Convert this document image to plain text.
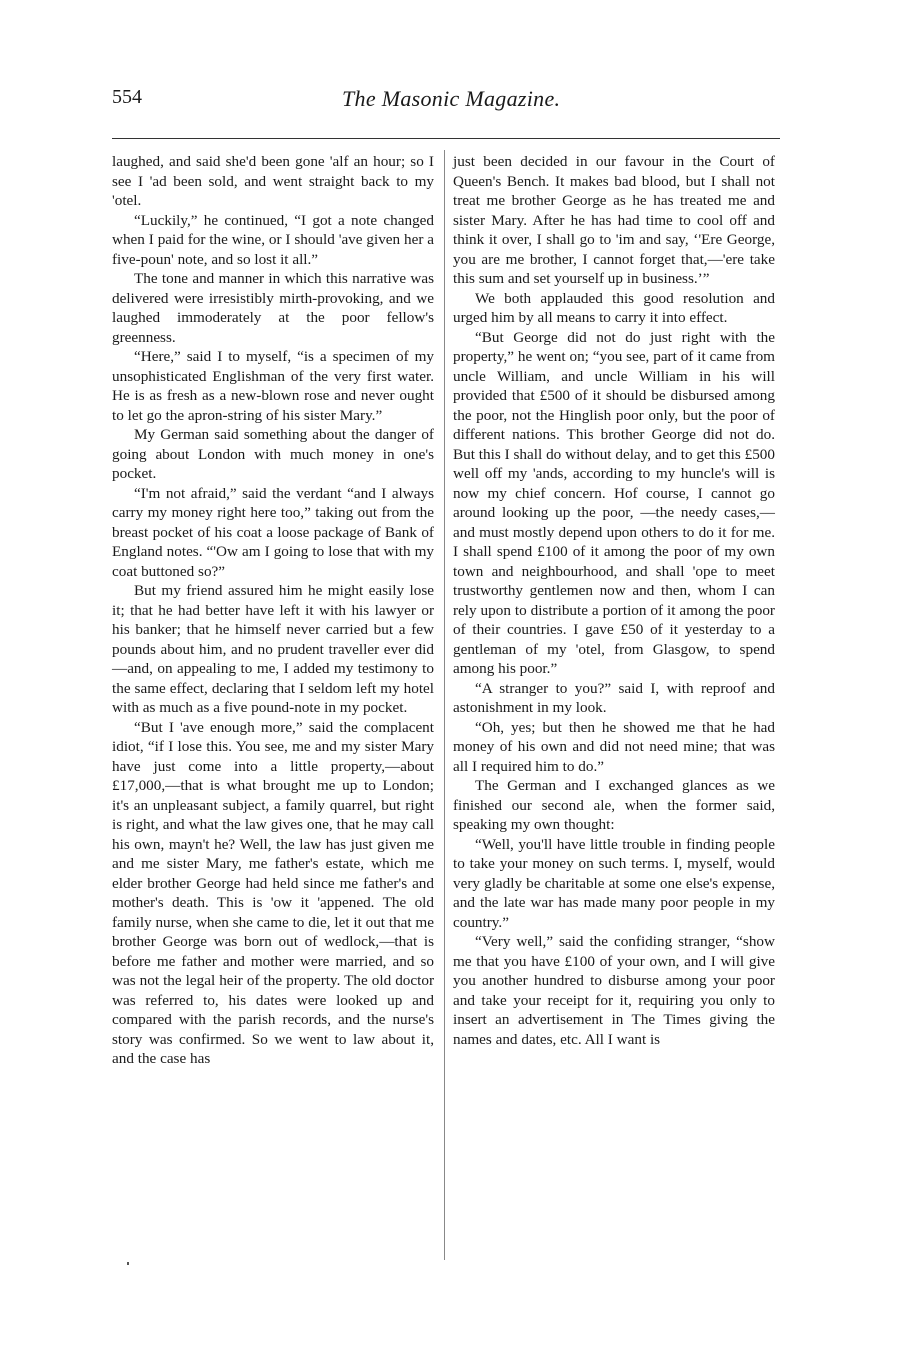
554	The Masonic Magazine.

laughed, and said she'd been gone 'alf an hour; so I see I 'ad been sold, and went straight back to my 'otel.

“Luckily,” he continued, “I got a note changed when I paid for the wine, or I should 'ave given her a five-poun' note, and so lost it all.”

The tone and manner in which this narrative was delivered were irresistibly mirth-provoking, and we laughed immoderately at the poor fellow's greenness.

“Here,” said I to myself, “is a specimen of my unsophisticated Englishman of the very first water. He is as fresh as a new-blown rose and never ought to let go the apron-string of his sister Mary.”

My German said something about the danger of going about London with much money in one's pocket.

“I'm not afraid,” said the verdant “and I always carry my money right here too,” taking out from the breast pocket of his coat a loose package of Bank of England notes. “'Ow am I going to lose that with my coat buttoned so?”

But my friend assured him he might easily lose it; that he had better have left it with his lawyer or his banker; that he himself never carried but a few pounds about him, and no prudent traveller ever did—and, on appealing to me, I added my testimony to the same effect, declaring that I seldom left my hotel with as much as a five pound-note in my pocket.

“But I 'ave enough more,” said the complacent idiot, “if I lose this. You see, me and my sister Mary have just come into a little property,—about £17,000,—that is what brought me up to London; it's an unpleasant subject, a family quarrel, but right is right, and what the law gives one, that he may call his own, mayn't he? Well, the law has just given me and me sister Mary, me father's estate, which me elder brother George had held since me father's and mother's death. This is 'ow it 'appened. The old family nurse, when she came to die, let it out that me brother George was born out of wedlock,—that is before me father and mother were married, and so was not the legal heir of the property. The old doctor was referred to, his dates were looked up and compared with the parish records, and the nurse's story was confirmed. So we went to law about it, and the case has

just been decided in our favour in the Court of Queen's Bench. It makes bad blood, but I shall not treat me brother George as he has treated me and sister Mary. After he has had time to cool off and think it over, I shall go to 'im and say, ‘'Ere George, you are me brother, I cannot forget that,—'ere take this sum and set yourself up in business.’”

We both applauded this good resolution and urged him by all means to carry it into effect.

“But George did not do just right with the property,” he went on; “you see, part of it came from uncle William, and uncle William in his will provided that £500 of it should be disbursed among the poor, not the Hinglish poor only, but the poor of different nations. This brother George did not do. But this I shall do without delay, and to get this £500 well off my 'ands, according to my huncle's will is now my chief concern. Hof course, I cannot go around looking up the poor, —the needy cases,—and must mostly depend upon others to do it for me. I shall spend £100 of it among the poor of my own town and neighbourhood, and shall 'ope to meet trustworthy gentlemen now and then, whom I can rely upon to distribute a portion of it among the poor of their countries. I gave £50 of it yesterday to a gentleman of my 'otel, from Glasgow, to spend among his poor.”

“A stranger to you?” said I, with reproof and astonishment in my look.

“Oh, yes; but then he showed me that he had money of his own and did not need mine; that was all I required him to do.”

The German and I exchanged glances as we finished our second ale, when the former said, speaking my own thought:

“Well, you'll have little trouble in finding people to take your money on such terms. I, myself, would very gladly be charitable at some one else's expense, and the late war has made many poor people in my country.”

“Very well,” said the confiding stranger, “show me that you have £100 of your own, and I will give you another hundred to disburse among your poor and take your receipt for it, requiring you only to insert an advertisement in The Times giving the names and dates, etc. All I want is
